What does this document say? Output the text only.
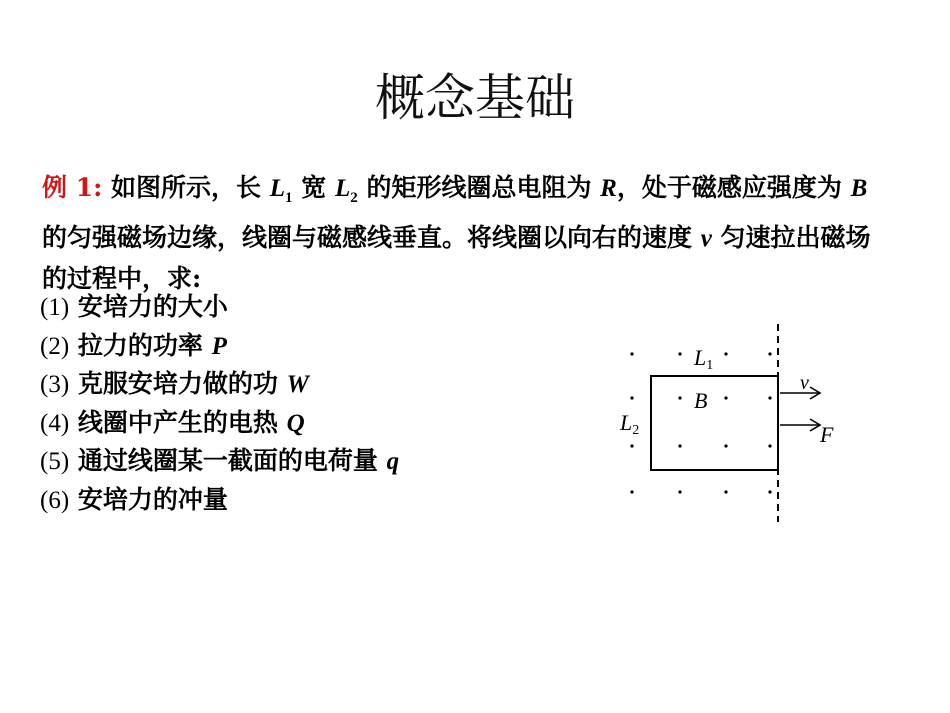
概念基础
例 1: 如图所示，长 $L_1$ 宽 $L_2$ 的矩形线圈总电阻为 R，处于磁感应强度为 B 的匀强磁场边缘，线圈与磁感线垂直。将线圈以向右的速度 v 匀速拉出磁场的过程中，求:
(1) 安培力的大小
(2) 拉力的功率 P
(3) 克服安培力做的功 W
(4) 线圈中产生的电热 Q
(5) 通过线圈某一截面的电荷量 q
(6) 安培力的冲量
L1
B
L2
v
F
